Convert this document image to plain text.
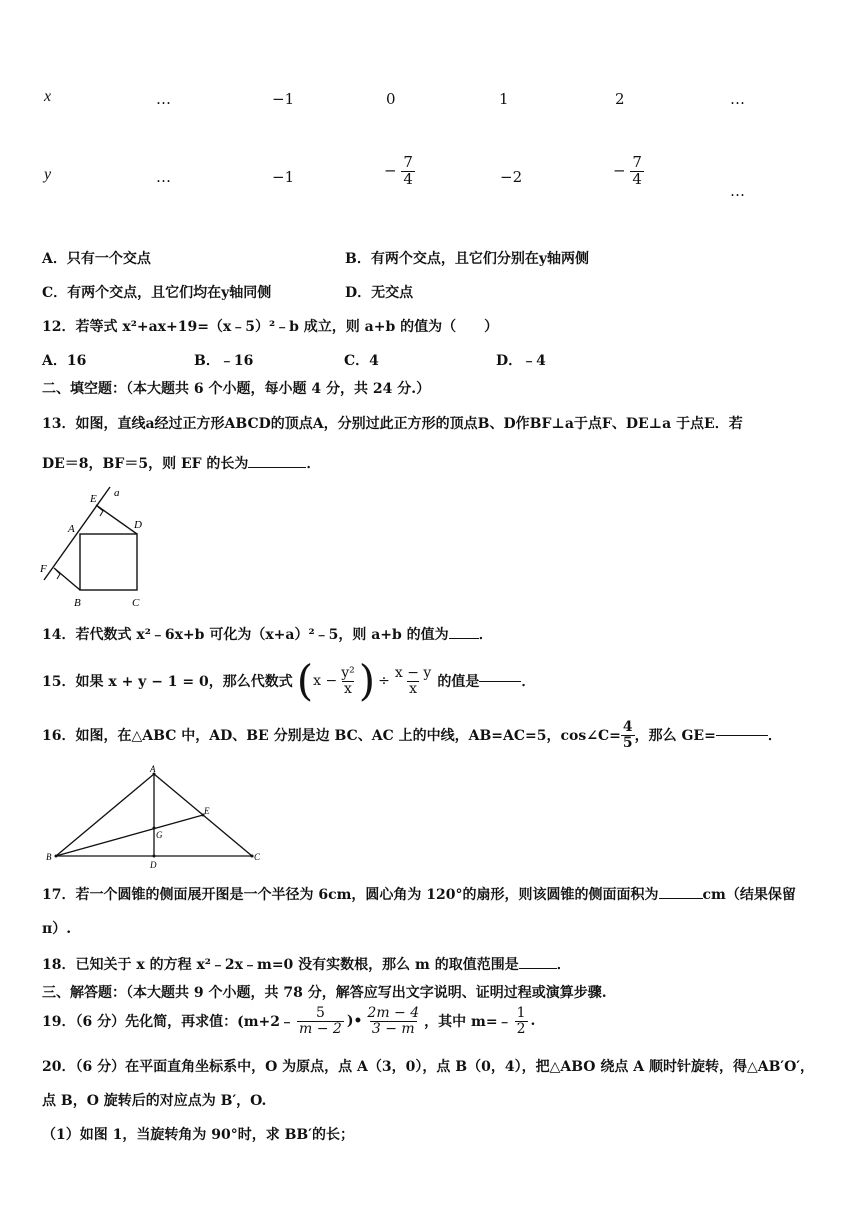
x	…	−1	0	1	2	…
y	…	−1	− $\frac{7}{4}$	−2	− $\frac{7}{4}$
…
A．只有一个交点	B．有两个交点，且它们分别在y轴两侧
C．有两个交点，且它们均在y轴同侧	D．无交点
12．若等式 x²+ax+19=（x﹣5）²﹣b 成立，则 a+b 的值为（　　）
A．16	B．﹣16	C．4	D．﹣4
二、填空题：（本大题共 6 个小题，每小题 4 分，共 24 分.）
13．如图，直线a经过正方形ABCD的顶点A，分别过此正方形的顶点B、D作BF⊥a于点F、DE⊥a 于点E．若
DE＝8，BF＝5，则 EF 的长为	．
E a
A	D
F
B	C
14．若代数式 x²﹣6x+b 可化为（x+a）²﹣5，则 a+b 的值为 ．
15．如果 x + y − 1 = 0，那么代数式 ( $x - \frac{\text{y²}}{x}$ ) ÷ $\frac{x - y}{x}$ 的值是	．
16．如图，在△ABC 中，AD、BE 分别是边 BC、AC 上的中线，AB=AC=5，cos∠C= $\frac{4}{5}$ ，那么 GE=	．
A
E
G
B
D
C
17．若一个圆锥的侧面展开图是一个半径为 6cm，圆心角为 120°的扇形，则该圆锥的侧面面积为	cm（结果保留
π）.
18．已知关于 x 的方程 x²﹣2x﹣m=0 没有实数根，那么 m 的取值范围是	．
三、解答题：（本大题共 9 个小题，共 78 分，解答应写出文字说明、证明过程或演算步骤.
19．（6 分）先化简，再求值：(m+2﹣ $\frac{5}{m - 2}$ )• $\frac{2m - 4}{3 - m}$ ，其中 m=﹣ $\frac{1}{2}$ .
20．（6 分）在平面直角坐标系中，O 为原点，点 A（3，0），点 B（0，4），把△ABO 绕点 A 顺时针旋转，得△AB′O′，
点 B，O 旋转后的对应点为 B′，O.
（1）如图 1，当旋转角为 90°时，求 BB′的长；
